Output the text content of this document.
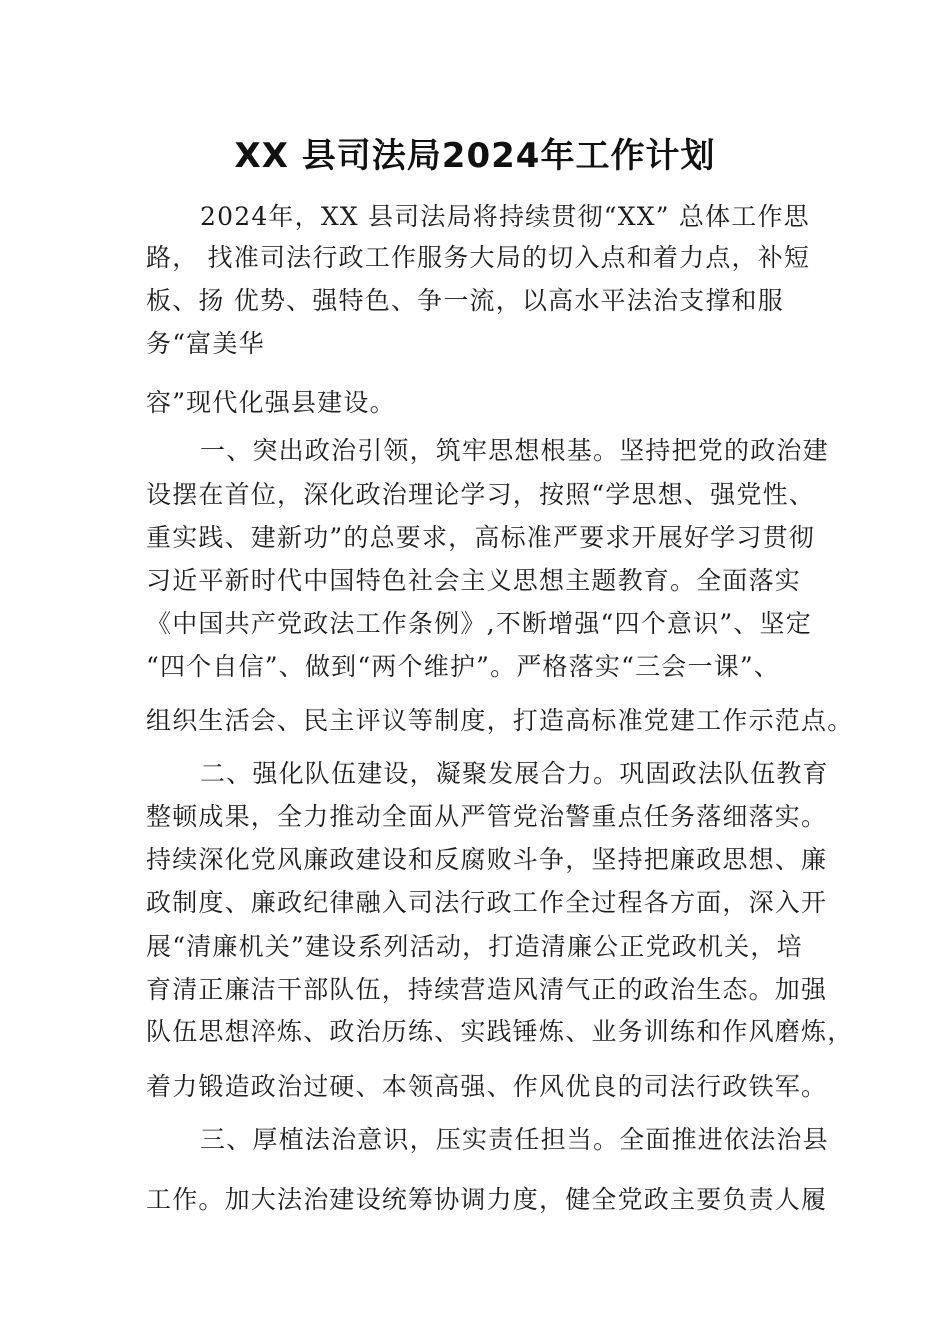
XX 县司法局2024年工作计划
2024年，XX 县司法局将持续贯彻“XX” 总体工作思
路， 找准司法行政工作服务大局的切入点和着力点，补短
板、扬 优势、强特色、争一流，以高水平法治支撑和服
务“富美华
容”现代化强县建设。
一、突出政治引领，筑牢思想根基。坚持把党的政治建
设摆在首位，深化政治理论学习，按照“学思想、强党性、
重实践、建新功”的总要求，高标准严要求开展好学习贯彻
习近平新时代中国特色社会主义思想主题教育。全面落实
《中国共产党政法工作条例》,不断增强“四个意识”、坚定
“四个自信”、做到“两个维护”。严格落实“三会一课”、
组织生活会、民主评议等制度，打造高标准党建工作示范点。
二、强化队伍建设，凝聚发展合力。巩固政法队伍教育
整顿成果，全力推动全面从严管党治警重点任务落细落实。
持续深化党风廉政建设和反腐败斗争，坚持把廉政思想、廉
政制度、廉政纪律融入司法行政工作全过程各方面，深入开
展“清廉机关”建设系列活动，打造清廉公正党政机关，培
育清正廉洁干部队伍，持续营造风清气正的政治生态。加强
队伍思想淬炼、政治历练、实践锤炼、业务训练和作风磨炼，
着力锻造政治过硬、本领高强、作风优良的司法行政铁军。
三、厚植法治意识，压实责任担当。全面推进依法治县
工作。加大法治建设统筹协调力度，健全党政主要负责人履
